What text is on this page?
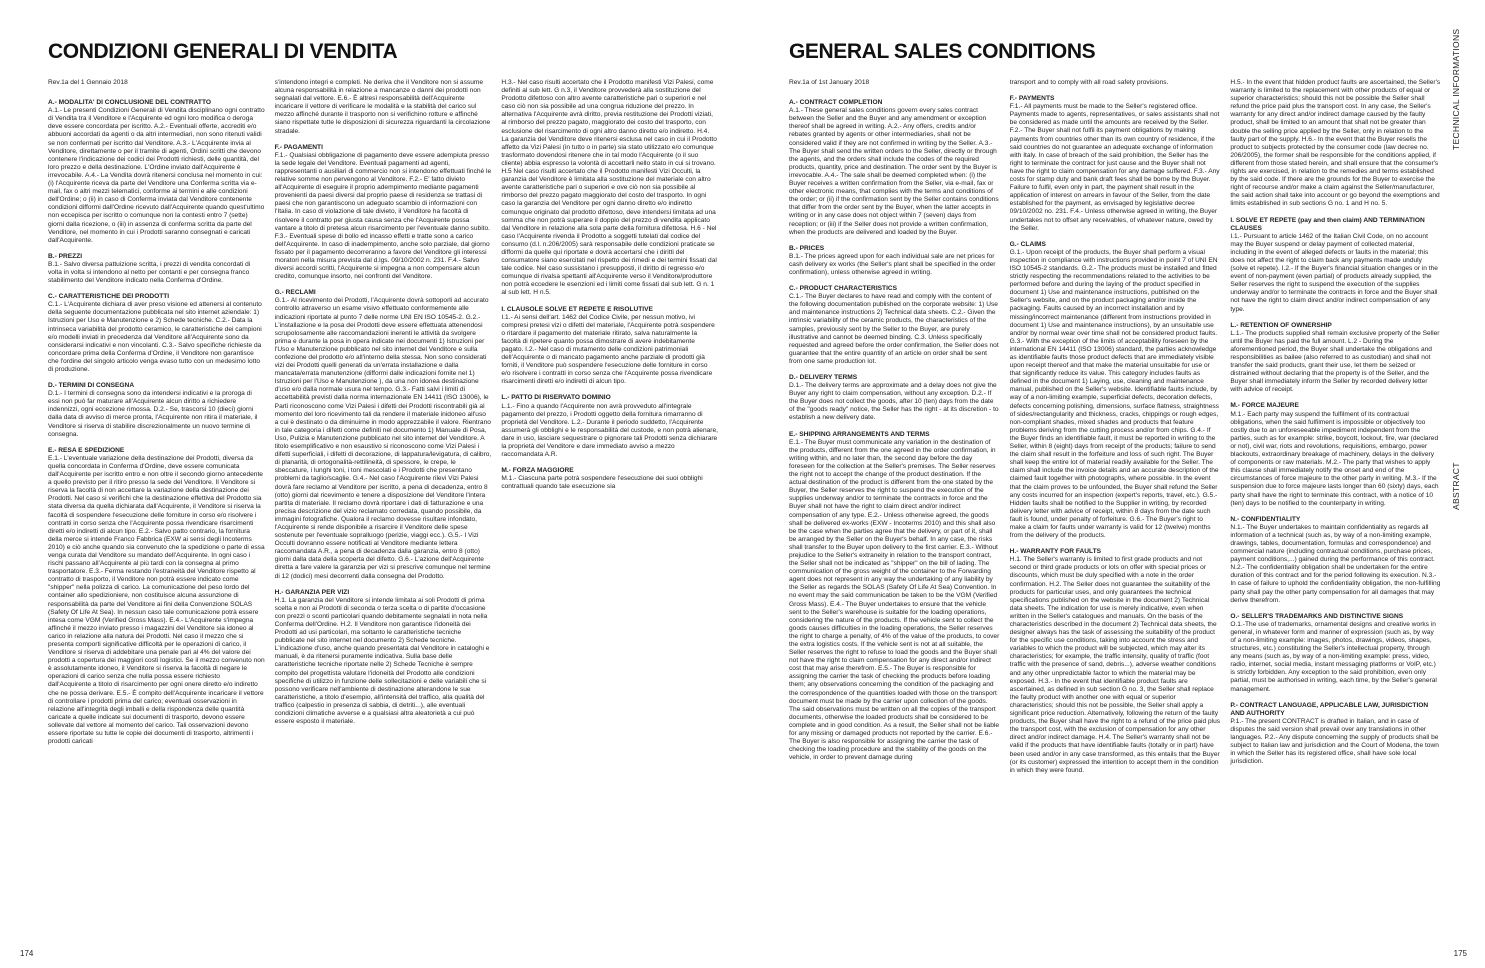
CONDIZIONI GENERALI DI VENDITA

Rev.1a del 1 Gennaio 2018

A.- MODALITA' DI CONCLUSIONE DEL CONTRATTO

A.1.- Le presenti Condizioni Generali di Vendita disciplinano ogni contratto di Vendita tra il Venditore e l'Acquirente ed ogni loro modifica o deroga deve essere concordata per iscritto. A.2.- Eventuali offerte, accrediti e/o abbuoni accordati da agenti o da altri intermediari, non sono ritenuti validi se non confermati per iscritto dal Venditore. A.3.- L'Acquirente invia al Venditore, direttamente o per il tramite di agenti, Ordini scritti che devono contenere l'indicazione dei codici dei Prodotti richiesti, delle quantità, del loro prezzo e della destinazione. L'Ordine inviato dall'Acquirente è irrevocabile. A.4.- La Vendita dovrà ritenersi conclusa nel momento in cui: (i) l'Acquirente riceva da parte del Venditore una Conferma scritta via e-mail, fax o altri mezzi telematici, conforme ai termini e alle condizioni dell'Ordine; o (ii) in caso di Conferma inviata dal Venditore contenente condizioni difformi dall'Ordine ricevuto dall'Acquirente quando quest'ultimo non eccepisca per iscritto o comunque non la contesti entro 7 (sette) giorni dalla ricezione, o (iii) in assenza di conferma scritta da parte del Venditore, nel momento in cui i Prodotti saranno consegnati e caricati dall'Acquirente.

B.- PREZZI

B.1.- Salvo diversa pattuizione scritta, i prezzi di vendita concordati di volta in volta si intendono al netto per contanti e per consegna franco stabilimento del Venditore indicato nella Conferma d'Ordine.

C.- CARATTERISTICHE DEI PRODOTTI

C.1.- L'Acquirente dichiara di aver preso visione ed attenersi al contenuto della seguente documentazione pubblicata nel sito internet aziendale: 1) Istruzioni per Uso e Manutenzione e 2) Schede tecniche. C.2.- Data la intrinseca variabilità del prodotto ceramico, le caratteristiche dei campioni e/o modelli inviati in precedenza dal Venditore all'Acquirente sono da considerarsi indicativi e non vincolanti. C.3.- Salvo specifiche richieste da concordare prima della Conferma d'Ordine, il Venditore non garantisce che l'ordine del singolo articolo venga evaso tutto con un medesimo lotto di produzione.

D.- TERMINI DI CONSEGNA

D.1.- I termini di consegna sono da intendersi indicativi e la proroga di essi non può far maturare all'Acquirente alcun diritto a richiedere indennizzi, ogni eccezione rimossa. D.2.- Se, trascorsi 10 (dieci) giorni dalla data di avviso di merce pronta, l'Acquirente non ritira il materiale, il Venditore si riserva di stabilire discrezionalmente un nuovo termine di consegna.

E.- RESA E SPEDIZIONE

E.1.- L'eventuale variazione della destinazione dei Prodotti, diversa da quella concordata in Conferma d'Ordine, deve essere comunicata dall'Acquirente per iscritto entro e non oltre il secondo giorno antecedente a quello previsto per il ritiro presso la sede del Venditore. Il Venditore si riserva la facoltà di non accettare la variazione della destinazione dei Prodotti. Nel caso si verifichi che la destinazione effettiva del Prodotto sia stata diversa da quella dichiarata dall'Acquirente, il Venditore si riserva la facoltà di sospendere l'esecuzione delle forniture in corso e/o risolvere i contratti in corso senza che l'Acquirente possa rivendicare risarcimenti diretti e/o indiretti di alcun tipo. E.2.- Salvo patto contrario, la fornitura della merce si intende Franco Fabbrica (EXW ai sensi degli Incoterms 2010) e ciò anche quando sia convenuto che la spedizione o parte di essa venga curata dal Venditore su mandato dell'Acquirente. In ogni caso i rischi passano all'Acquirente al più tardi con la consegna al primo trasportatore. E.3.- Ferma restando l'estraneità del Venditore rispetto al contratto di trasporto, il Venditore non potrà essere indicato come "shipper" nella polizza di carico. La comunicazione del peso lordo del container allo spedizioniere, non costituisce alcuna assunzione di responsabilità da parte del Venditore ai fini della Convenzione SOLAS (Safety Of Life At Sea). In nessun caso tale comunicazione potrà essere intesa come VGM (Verified Gross Mass). E.4.- L'Acquirente s'impegna affinché il mezzo inviato presso i magazzini del Venditore sia idoneo al carico in relazione alla natura dei Prodotti. Nel caso il mezzo che si presenta comporti significative difficoltà per le operazioni di carico, il Venditore si riserva di addebitare una penale pari al 4% del valore dei prodotti a copertura dei maggiori costi logistici. Se il mezzo convenuto non è assolutamente idoneo, il Venditore si riserva la facoltà di negare le operazioni di carico senza che nulla possa essere richiesto dall'Acquirente a titolo di risarcimento per ogni onere diretto e/o indiretto che ne possa derivare. E.5.- È compito dell'Acquirente incaricare il vettore di controllare i prodotti prima del carico; eventuali osservazioni in relazione all'integrità degli imballi e della rispondenza delle quantità caricate a quelle indicate sui documenti di trasporto, devono essere sollevate dal vettore al momento del carico. Tali osservazioni devono essere riportate su tutte le copie dei documenti di trasporto, altrimenti i prodotti caricati

s'intendono integri e completi. Ne deriva che il Venditore non si assume alcuna responsabilità in relazione a mancanze o danni dei prodotti non segnalati dal vettore. E.6.- È altresì responsabilità dell'Acquirente incaricare il vettore di verificare le modalità e la stabilità del carico sul mezzo affinché durante il trasporto non si verifichino rotture e affinché siano rispettate tutte le disposizioni di sicurezza riguardanti la circolazione stradale.

F.- PAGAMENTI

F.1.- Qualsiasi obbligazione di pagamento deve essere adempiuta presso la sede legale del Venditore. Eventuali pagamenti ad agenti, rappresentanti o ausiliari di commercio non si intendono effettuati finché le relative somme non pervengono al Venditore. F.2.- E' fatto divieto all'Acquirente di eseguire il proprio adempimento mediante pagamenti provenienti da paesi diversi dal proprio paese di residenza se trattasi di paesi che non garantiscono un adeguato scambio di informazioni con l'Italia. In caso di violazione di tale divieto, il Venditore ha facoltà di risolvere il contratto per giusta causa senza che l'Acquirente possa vantare a titolo di pretesa alcun risarcimento per l'eventuale danno subito. F.3.- Eventuali spese di bollo ed incasso effetti e tratte sono a carico dell'Acquirente. In caso di inadempimento, anche solo parziale, dal giorno fissato per il pagamento decorreranno a favore del Venditore gli interessi moratori nella misura prevista dal d.lgs. 09/10/2002 n. 231. F.4.- Salvo diversi accordi scritti, l'Acquirente si impegna a non compensare alcun credito, comunque insorto, nei confronti del Venditore.

G.- RECLAMI

G.1.- Al ricevimento dei Prodotti, l'Acquirente dovrà sottoporli ad accurato controllo attraverso un esame visivo effettuato conformemente alle indicazioni riportate al punto 7 delle norme UNI EN ISO 10545-2. G.2.- L'installazione e la posa dei Prodotti deve essere effettuata attenendosi scrupolosamente alle raccomandazioni inerenti le attività da svolgere prima e durante la posa in opera indicate nei documenti 1) Istruzioni per l'Uso e Manutenzione pubblicato nel sito internet del Venditore e sulla confezione del prodotto e/o all'interno della stessa. Non sono considerati vizi dei Prodotti quelli generati da un'errata installazione e dalla mancata/errata manutenzione (difformi dalle indicazioni fornite nel 1) Istruzioni per l'Uso e Manutenzione ), da una non idonea destinazione d'uso e/o dalla normale usura nel tempo. G.3.- Fatti salvi i limiti di accettabilità previsti dalla norma internazionale EN 14411 (ISO 13006), le Parti riconoscono come Vizi Palesi i difetti dei Prodotti riscontrabili già al momento del loro ricevimento tali da rendere il materiale inidoneo all'uso a cui è destinato o da diminuirne in modo apprezzabile il valore. Rientrano in tale categoria i difetti come definiti nel documento 1) Manuale di Posa, Uso, Pulizia e Manutenzione pubblicato nel sito internet del Venditore. A titolo esemplificativo e non esaustivo si riconoscono come Vizi Palesi i difetti superficiali, i difetti di decorazione, di lappatura/levigatura, di calibro, di planarità, di ortogonalità-rettilineità, di spessore, le crepe, le sbeccature, i lunghi toni, i toni mescolati e i Prodotti che presentano problemi da taglio/scaglie. G.4.- Nel caso l'Acquirente rilevi Vizi Palesi dovrà fare reclamo al Venditore per iscritto, a pena di decadenza, entro 8 (otto) giorni dal ricevimento e tenere a disposizione del Venditore l'intera partita di materiale. Il reclamo dovrà riportare i dati di fatturazione e una precisa descrizione del vizio reclamato corredata, quando possibile, da immagini fotografiche. Qualora il reclamo dovesse risultare infondato, l'Acquirente si rende disponibile a risarcire il Venditore delle spese sostenute per l'eventuale sopralluogo (perizie, viaggi ecc.). G.5.- I Vizi Occulti dovranno essere notificati al Venditore mediante lettera raccomandata A.R., a pena di decadenza dalla garanzia, entro 8 (otto) giorni dalla data della scoperta del difetto. G.6.- L'azione dell'Acquirente diretta a fare valere la garanzia per vizi si prescrive comunque nel termine di 12 (dodici) mesi decorrenti dalla consegna del Prodotto.

H.- GARANZIA PER VIZI

H.1. La garanzia del Venditore si intende limitata ai soli Prodotti di prima scelta e non ai Prodotti di seconda o terza scelta o di partite d'occasione con prezzi o sconti particolari quando debitamente segnalati in nota nella Conferma dell'Ordine. H.2. Il Venditore non garantisce l'idoneità dei Prodotti ad usi particolari, ma soltanto le caratteristiche tecniche pubblicate nel sito internet nel documento 2) Schede tecniche. L'indicazione d'uso, anche quando presentata dal Venditore in cataloghi e manuali, è da ritenersi puramente indicativa. Sulla base delle caratteristiche tecniche riportate nelle 2) Schede Tecniche è sempre compito del progettista valutare l'idoneità del Prodotto alle condizioni specifiche di utilizzo in funzione delle sollecitazioni e delle variabili che si possono verificare nell'ambiente di destinazione alterandone le sue caratteristiche, a titolo d'esempio, all'intensità del traffico, alla qualità del traffico (calpestio in presenza di sabbia, di detriti...), alle eventuali condizioni climatiche avverse e a qualsiasi altra aleatorietà a cui può essere esposto il materiale.

H.3.- Nel caso risulti accertato che il Prodotto manifesti Vizi Palesi, come definiti al sub lett. G n.3, il Venditore provvederà alla sostituzione del Prodotto difettoso con altro avente caratteristiche pari o superiori e nel caso ciò non sia possibile ad una congrua riduzione del prezzo. In alternativa l'Acquirente avrà diritto, previa restituzione dei Prodotti viziati, al rimborso del prezzo pagato, maggiorato dei costo del trasporto, con esclusione del risarcimento di ogni altro danno diretto e/o indiretto. H.4. La garanzia del Venditore deve ritenersi esclusa nel caso in cui il Prodotto affetto da Vizi Palesi (in tutto o in parte) sia stato utilizzato e/o comunque trasformato dovendosi ritenere che in tal modo l'Acquirente (o il suo cliente) abbia espresso la volontà di accettarli nello stato in cui si trovano. H.5 Nel caso risulti accertato che il Prodotto manifesti Vizi Occulti, la garanzia del Venditore è limitata alla sostituzione del materiale con altro avente caratteristiche pari o superiori e ove ciò non sia possibile al rimborso del prezzo pagato maggiorato del costo del trasporto. In ogni caso la garanzia del Venditore per ogni danno diretto e/o indiretto comunque originato dal prodotto difettoso, deve intendersi limitata ad una somma che non potrà superare il doppio del prezzo di vendita applicato dal Venditore in relazione alla sola parte della fornitura difettosa. H.6 - Nel caso l'Acquirente rivenda il Prodotto a soggetti tutelati dal codice del consumo (d.l. n.206/2005) sarà responsabile delle condizioni praticate se difformi da quelle qui riportate e dovrà accertarsi che i diritti del consumatore siano esercitati nel rispetto dei rimedi e dei termini fissati dal tale codice. Nel caso sussistano i presupposti, il diritto di regresso e/o comunque di rivalsa spettanti all'Acquirente verso il Venditore/produttore non potrà eccedere le esenzioni ed i limiti come fissati dal sub lett. G n. 1 al sub lett. H n.5.

I. CLAUSOLE SOLVE ET REPETE E RISOLUTIVE

I.1.- Ai sensi dell'art. 1462 del Codice Civile, per nessun motivo, ivi compresi pretesi vizi o difetti del materiale, l'Acquirente potrà sospendere o ritardare il pagamento del materiale ritirato, salva naturalmente la facoltà di ripetere quanto possa dimostrare di avere indebitamente pagato. I.2.- Nel caso di mutamento delle condizioni patrimoniali dell'Acquirente o di mancato pagamento anche parziale di prodotti già forniti, il Venditore può sospendere l'esecuzione delle forniture in corso e/o risolvere i contratti in corso senza che l'Acquirente possa rivendicare risarcimenti diretti e/o indiretti di alcun tipo.

L.- PATTO DI RISERVATO DOMINIO

L.1.- Fino a quando l'Acquirente non avrà provveduto all'integrale pagamento del prezzo, i Prodotti oggetto della fornitura rimarranno di proprietà del Venditore. L.2.- Durante il periodo suddetto, l'Acquirente assumerà gli obblighi e le responsabilità del custode, e non potrà alienare, dare in uso, lasciare sequestrare o pignorare tali Prodotti senza dichiarare la proprietà del Venditore e dare immediato avviso a mezzo raccomandata A.R.

M.- FORZA MAGGIORE

M.1.- Ciascuna parte potrà sospendere l'esecuzione dei suoi obblighi contrattuali quando tale esecuzione sia

174
GENERAL SALES CONDITIONS

Rev.1a of 1st January 2018

A.- CONTRACT COMPLETION

A.1.- These general sales conditions govern every sales contract between the Seller and the Buyer and any amendment or exception thereof shall be agreed in writing. A.2.- Any offers, credits and/or rebates granted by agents or other intermediaries, shall not be considered valid if they are not confirmed in writing by the Seller. A.3.- The Buyer shall send the written orders to the Seller, directly or through the agents, and the orders shall include the codes of the required products, quantity, price and destination. The order sent by the Buyer is irrevocable. A.4.- The sale shall be deemed completed when: (i) the Buyer receives a written confirmation from the Seller, via e-mail, fax or other electronic means, that complies with the terms and conditions of the order; or (ii) if the confirmation sent by the Seller contains conditions that differ from the order sent by the Buyer, when the latter accepts in writing or in any case does not object within 7 (seven) days from reception; or (iii) if the Seller does not provide a written confirmation, when the products are delivered and loaded by the Buyer.

B.- PRICES

B.1.- The prices agreed upon for each individual sale are net prices for cash delivery ex works (the Seller's plant shall be specified in the order confirmation), unless otherwise agreed in writing.

C.- PRODUCT CHARACTERISTICS

C.1.- The Buyer declares to have read and comply with the content of the following documentation published on the corporate website: 1) Use and maintenance instructions 2) Technical data sheets. C.2.- Given the intrinsic variability of the ceramic products, the characteristics of the samples, previously sent by the Seller to the Buyer, are purely illustrative and cannot be deemed binding. C.3. Unless specifically requested and agreed before the order confirmation, the Seller does not guarantee that the entire quantity of an article on order shall be sent from one same production lot.

D.- DELIVERY TERMS

D.1.- The delivery terms are approximate and a delay does not give the Buyer any right to claim compensation, without any exception. D.2.- If the Buyer does not collect the goods, after 10 (ten) days from the date of the "goods ready" notice, the Seller has the right - at its discretion - to establish a new delivery date.

E.- SHIPPING ARRANGEMENTS AND TERMS

E.1.- The Buyer must communicate any variation in the destination of the products, different from the one agreed in the order confirmation, in writing within, and no later than, the second day before the day foreseen for the collection at the Seller's premises. The Seller reserves the right not to accept the change of the product destination. If the actual destination of the product is different from the one stated by the Buyer, the Seller reserves the right to suspend the execution of the supplies underway and/or to terminate the contracts in force and the Buyer shall not have the right to claim direct and/or indirect compensation of any type. E.2.- Unless otherwise agreed, the goods shall be delivered ex-works (EXW - Incoterms 2010) and this shall also be the case when the parties agree that the delivery, or part of it, shall be arranged by the Seller on the Buyer's behalf. In any case, the risks shall transfer to the Buyer upon delivery to the first carrier. E.3.- Without prejudice to the Seller's extraneity in relation to the transport contract, the Seller shall not be indicated as "shipper" on the bill of lading. The communication of the gross weight of the container to the Forwarding agent does not represent in any way the undertaking of any liability by the Seller as regards the SOLAS (Safety Of Life At Sea) Convention. In no event may the said communication be taken to be the VGM (Verified Gross Mass). E.4.- The Buyer undertakes to ensure that the vehicle sent to the Seller's warehouse is suitable for the loading operations, considering the nature of the products. If the vehicle sent to collect the goods causes difficulties in the loading operations, the Seller reserves the right to charge a penalty, of 4% of the value of the products, to cover the extra logistics costs. If the vehicle sent is not at all suitable, the Seller reserves the right to refuse to load the goods and the Buyer shall not have the right to claim compensation for any direct and/or indirect cost that may arise therefrom. E.5.- The Buyer is responsible for assigning the carrier the task of checking the products before loading them; any observations concerning the condition of the packaging and the correspondence of the quantities loaded with those on the transport document must be made by the carrier upon collection of the goods. The said observations must be written on all the copies of the transport documents, otherwise the loaded products shall be considered to be complete and in good condition. As a result, the Seller shall not be liable for any missing or damaged products not reported by the carrier. E.6.- The Buyer is also responsible for assigning the carrier the task of checking the loading procedure and the stability of the goods on the vehicle, in order to prevent damage during

transport and to comply with all road safety provisions.

F.- PAYMENTS

F.1.- All payments must be made to the Seller's registered office. Payments made to agents, representatives, or sales assistants shall not be considered as made until the amounts are received by the Seller. F.2.- The Buyer shall not fulfil its payment obligations by making payments from countries other than its own country of residence, if the said countries do not guarantee an adequate exchange of information with Italy. In case of breach of the said prohibition, the Seller has the right to terminate the contract for just cause and the Buyer shall not have the right to claim compensation for any damage suffered. F.3.- Any costs for stamp duty and bank draft fees shall be borne by the Buyer. Failure to fulfil, even only in part, the payment shall result in the application of interest on arrears in favour of the Seller, from the date established for the payment, as envisaged by legislative decree 09/10/2002 no. 231. F.4.- Unless otherwise agreed in writing, the Buyer undertakes not to offset any receivables, of whatever nature, owed by the Seller.

G.- CLAIMS

G.1.- Upon receipt of the products, the Buyer shall perform a visual inspection in compliance with instructions provided in point 7 of UNI EN ISO 10545-2 standards. G.2.- The products must be installed and fitted strictly respecting the recommendations related to the activities to be performed before and during the laying of the product specified in document 1) Use and maintenance instructions, published on the Seller's website, and on the product packaging and/or inside the packaging. Faults caused by an incorrect installation and by missing/incorrect maintenance (different from instructions provided in document 1) Use and maintenance instructions), by an unsuitable use and/or by normal wear over time shall not be considered product faults. G.3.- With the exception of the limits of acceptability foreseen by the international EN 14411 (ISO 13006) standard, the parties acknowledge as identifiable faults those product defects that are immediately visible upon receipt thereof and that make the material unsuitable for use or that significantly reduce its value. This category includes faults as defined in the document 1) Laying, use, cleaning and maintenance manual, published on the Seller's website. Identifiable faults include, by way of a non-limiting example, superficial defects, decoration defects, defects concerning polishing, dimensions, surface flatness, straightness of sides/rectangularity and thickness, cracks, chippings or rough edges, non-compliant shades, mixed shades and products that feature problems deriving from the cutting process and/or from chips. G.4.- If the Buyer finds an identifiable fault, it must be reported in writing to the Seller, within 8 (eight) days from receipt of the products; failure to send the claim shall result in the forfeiture and loss of such right. The Buyer shall keep the entire lot of material readily available for the Seller. The claim shall include the invoice details and an accurate description of the claimed fault together with photographs, where possible. In the event that the claim proves to be unfounded, the Buyer shall refund the Seller any costs incurred for an inspection (expert's reports, travel, etc.). G.5.- Hidden faults shall be notified to the Supplier in writing, by recorded delivery letter with advice of receipt, within 8 days from the date such fault is found, under penalty of forfeiture. G.6.- The Buyer's right to make a claim for faults under warranty is valid for 12 (twelve) months from the delivery of the products.

H.- WARRANTY FOR FAULTS

H.1. The Seller's warranty is limited to first grade products and not second or third grade products or lots on offer with special prices or discounts, which must be duly specified with a note in the order confirmation. H.2. The Seller does not guarantee the suitability of the products for particular uses, and only guarantees the technical specifications published on the website in the document 2) Technical data sheets. The indication for use is merely indicative, even when written in the Seller's catalogues and manuals. On the basis of the characteristics described in the document 2) Technical data sheets, the designer always has the task of assessing the suitability of the product for the specific use conditions, taking into account the stress and variables to which the product will be subjected, which may alter its characteristics; for example, the traffic intensity, quality of traffic (foot traffic with the presence of sand, debris...), adverse weather conditions and any other unpredictable factor to which the material may be exposed. H.3.- In the event that identifiable product faults are ascertained, as defined in sub section G no. 3, the Seller shall replace the faulty product with another one with equal or superior characteristics; should this not be possible, the Seller shall apply a significant price reduction. Alternatively, following the return of the faulty products, the Buyer shall have the right to a refund of the price paid plus the transport cost, with the exclusion of compensation for any other direct and/or indirect damage. H.4. The Seller's warranty shall not be valid if the products that have identifiable faults (totally or in part) have been used and/or in any case transformed, as this entails that the Buyer (or its customer) expressed the intention to accept them in the condition in which they were found.

H.5.- In the event that hidden product faults are ascertained, the Seller's warranty is limited to the replacement with other products of equal or superior characteristics; should this not be possible the Seller shall refund the price paid plus the transport cost. In any case, the Seller's warranty for any direct and/or indirect damage caused by the faulty product, shall be limited to an amount that shall not be greater than double the selling price applied by the Seller, only in relation to the faulty part of the supply. H.6.- In the event that the Buyer resells the product to subjects protected by the consumer code (law decree no. 206/2005), the former shall be responsible for the conditions applied, if different from those stated herein, and shall ensure that the consumer's rights are exercised, in relation to the remedies and terms established by the said code. If there are the grounds for the Buyer to exercise the right of recourse and/or make a claim against the Seller/manufacturer, the said action shall take into account or go beyond the exemptions and limits established in sub sections G no. 1 and H no. 5.

I. SOLVE ET REPETE (pay and then claim) AND TERMINATION CLAUSES

I.1.- Pursuant to article 1462 of the Italian Civil Code, on no account may the Buyer suspend or delay payment of collected material, including in the event of alleged defects or faults in the material; this does not affect the right to claim back any payments made unduly (solve et repete). I.2.- If the Buyer's financial situation changes or in the event of non-payment (even partial) of products already supplied, the Seller reserves the right to suspend the execution of the supplies underway and/or to terminate the contracts in force and the Buyer shall not have the right to claim direct and/or indirect compensation of any type.

L.- RETENTION OF OWNERSHIP

L.1.- The products supplied shall remain exclusive property of the Seller until the Buyer has paid the full amount. L.2 - During the aforementioned period, the Buyer shall undertake the obligations and responsibilities as bailee (also referred to as custodian) and shall not transfer the said products, grant their use, let them be seized or distrained without declaring that the property is of the Seller, and the Buyer shall immediately inform the Seller by recorded delivery letter with advice of receipt.

M.- FORCE MAJEURE

M.1.- Each party may suspend the fulfilment of its contractual obligations, when the said fulfilment is impossible or objectively too costly due to an unforeseeable impediment independent from the parties, such as for example: strike, boycott, lockout, fire, war (declared or not), civil war, riots and revolutions, requisitions, embargo, power blackouts, extraordinary breakage of machinery, delays in the delivery of components or raw materials. M.2.- The party that wishes to apply this clause shall immediately notify the onset and end of the circumstances of force majeure to the other party in writing. M.3.- If the suspension due to force majeure lasts longer than 60 (sixty) days, each party shall have the right to terminate this contract, with a notice of 10 (ten) days to be notified to the counterparty in writing.

N.- CONFIDENTIALITY

N.1.- The Buyer undertakes to maintain confidentiality as regards all information of a technical (such as, by way of a non-limiting example, drawings, tables, documentation, formulas and correspondence) and commercial nature (including contractual conditions, purchase prices, payment conditions,...) gained during the performance of this contract. N.2.- The confidentiality obligation shall be undertaken for the entire duration of this contract and for the period following its execution. N.3.- In case of failure to uphold the confidentiality obligation, the non-fulfilling party shall pay the other party compensation for all damages that may derive therefrom.

O.- SELLER'S TRADEMARKS AND DISTINCTIVE SIGNS

O.1.-The use of trademarks, ornamental designs and creative works in general, in whatever form and manner of expression (such as, by way of a non-limiting example: images, photos, drawings, videos, shapes, structures, etc.) constituting the Seller's intellectual property, through any means (such as, by way of a non-limiting example: press, video, radio, internet, social media, instant messaging platforms or VoIP, etc.) is strictly forbidden. Any exception to the said prohibition, even only partial, must be authorised in writing, each time, by the Seller's general management.

P.- CONTRACT LANGUAGE, APPLICABLE LAW, JURISDICTION AND AUTHORITY

P.1.- The present CONTRACT is drafted in Italian, and in case of disputes the said version shall prevail over any translations in other languages. P.2.- Any dispute concerning the supply of products shall be subject to Italian law and jurisdiction and the Court of Modena, the town in which the Seller has its registered office, shall have sole local jurisdiction.

175
TECHNICAL INFORMATIONS
ABSTRACT
